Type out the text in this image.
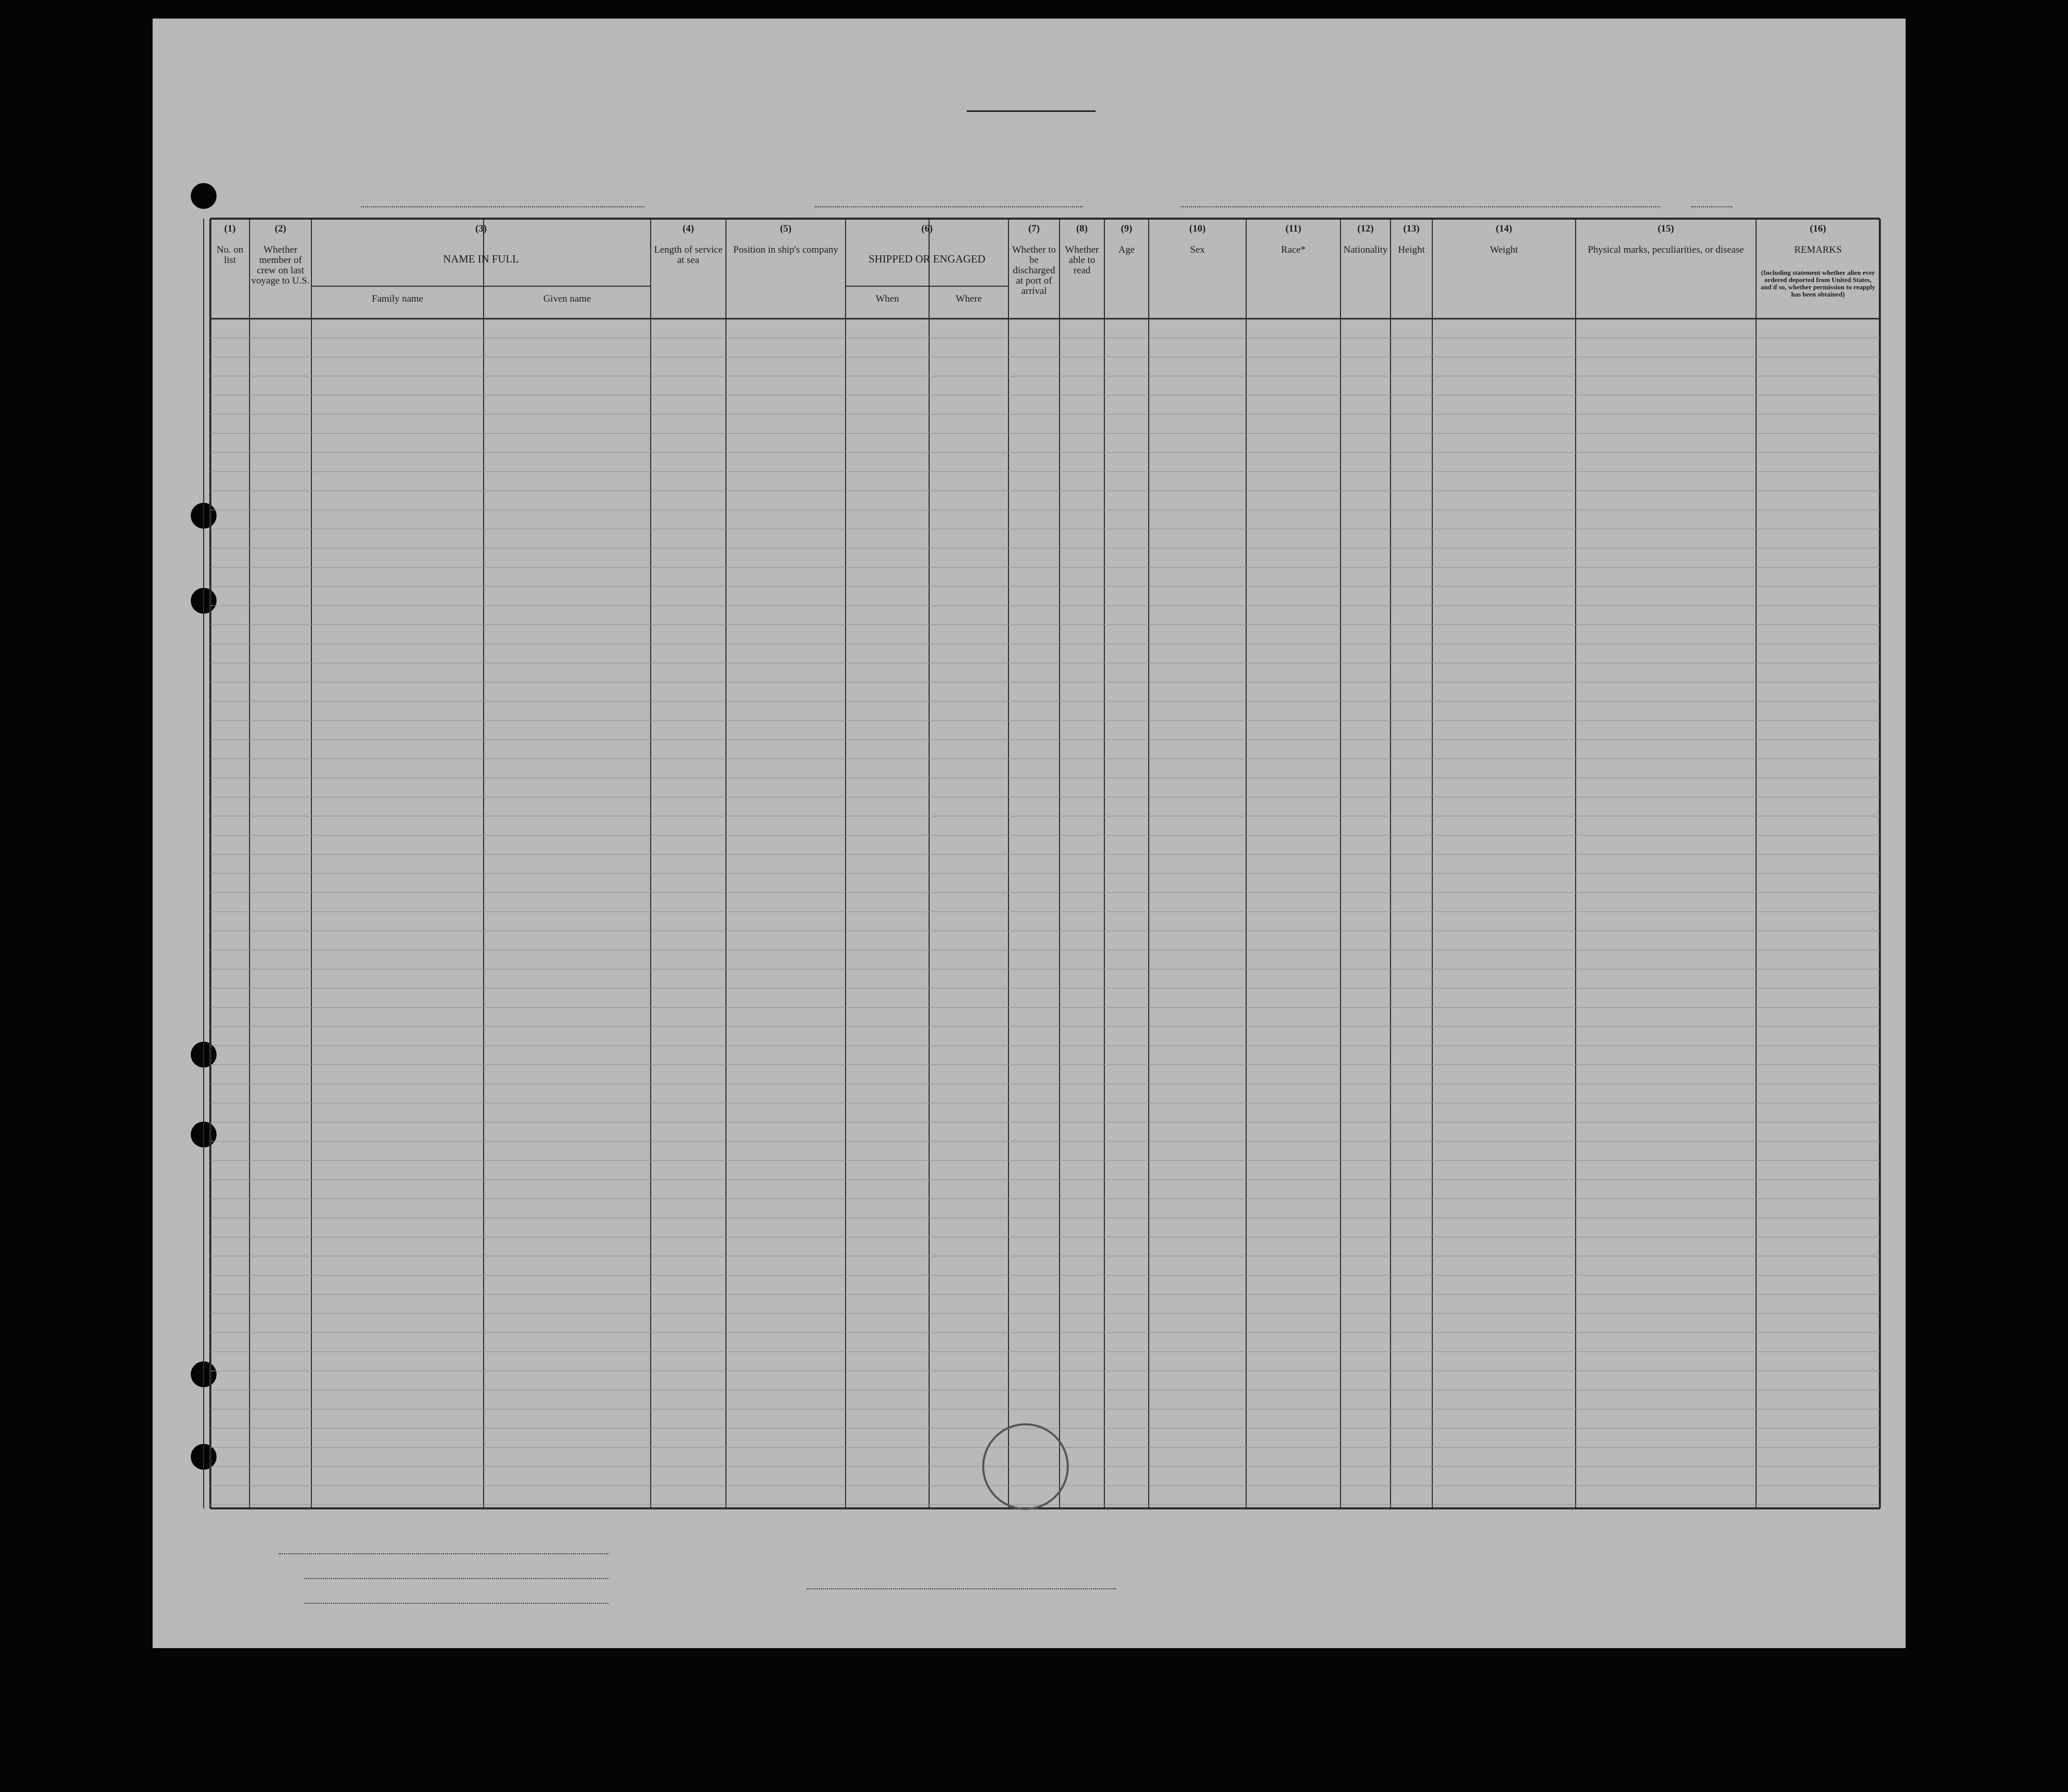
(1)
No. on list
(2)
Whether member of crew on last voyage to U.S.
(3)
NAME IN FULL
Family name	Given name
(4)
Length of service at sea
(5)
Position in ship's company
(6)
SHIPPED OR ENGAGED
When	Where
(7)
Whether to be discharged at port of arrival
(8)
Whether able to read
(9)
Age
(10)
Sex
(11)
Race*
(12)
Nationality
(13)
Height
(14)
Weight
(15)
Physical marks, peculiarities, or disease
(16)
REMARKS
(Including statement whether alien ever ordered deported from United States, and if so, whether permission to reapply has been obtained)
